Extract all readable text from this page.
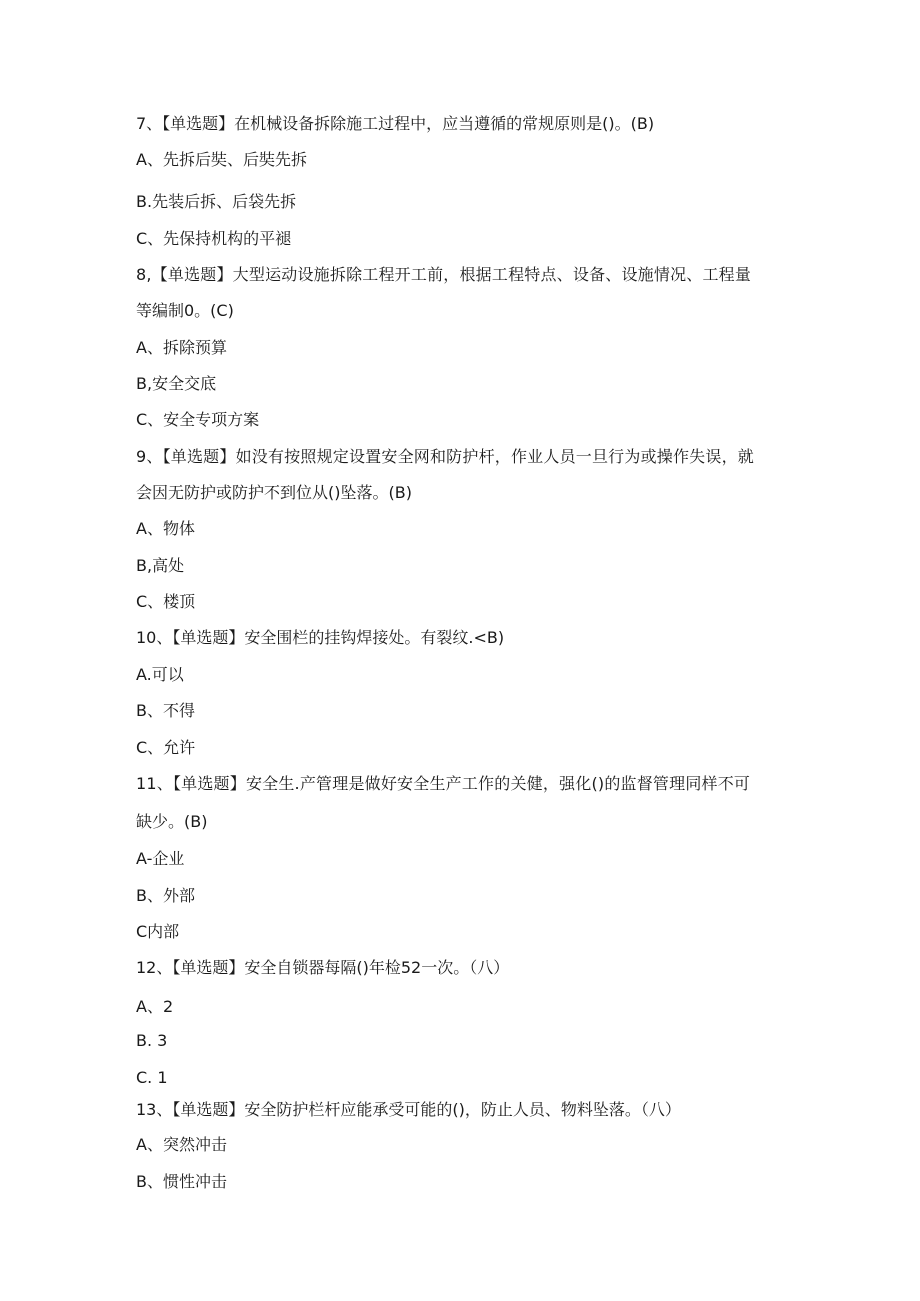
7、【单选题】在机械设备拆除施工过程中，应当遵循的常规原则是()。(B)
A、先拆后奘、后奘先拆
B.先装后拆、后袋先拆
C、先保持机构的平褪
8,【单选题】大型运动设施拆除工程开工前，根据工程特点、设备、设施情况、工程量
等编制0。(C)
A、拆除预算
B,安全交底
C、安全专项方案
9、【单选题】如没有按照规定设置安全网和防护杆，作业人员一旦行为或操作失误，就
会因无防护或防护不到位从()坠落。(B)
A、物体
B,高处
C、楼顶
10、【单选题】安全围栏的挂钩焊接处。有裂纹.<B)
A.可以
B、不得
C、允许
11、【单选题】安全生.产管理是做好安全生产工作的关健，强化()的监督管理同样不可
缺少。(B)
A-企业
B、外部
C内部
12、【单选题】安全自锁器每隔()年检52一次。（八）
A、2
B. 3
C. 1
13、【单选题】安全防护栏杆应能承受可能的()，防止人员、物料坠落。（八）
A、突然冲击
B、惯性冲击
